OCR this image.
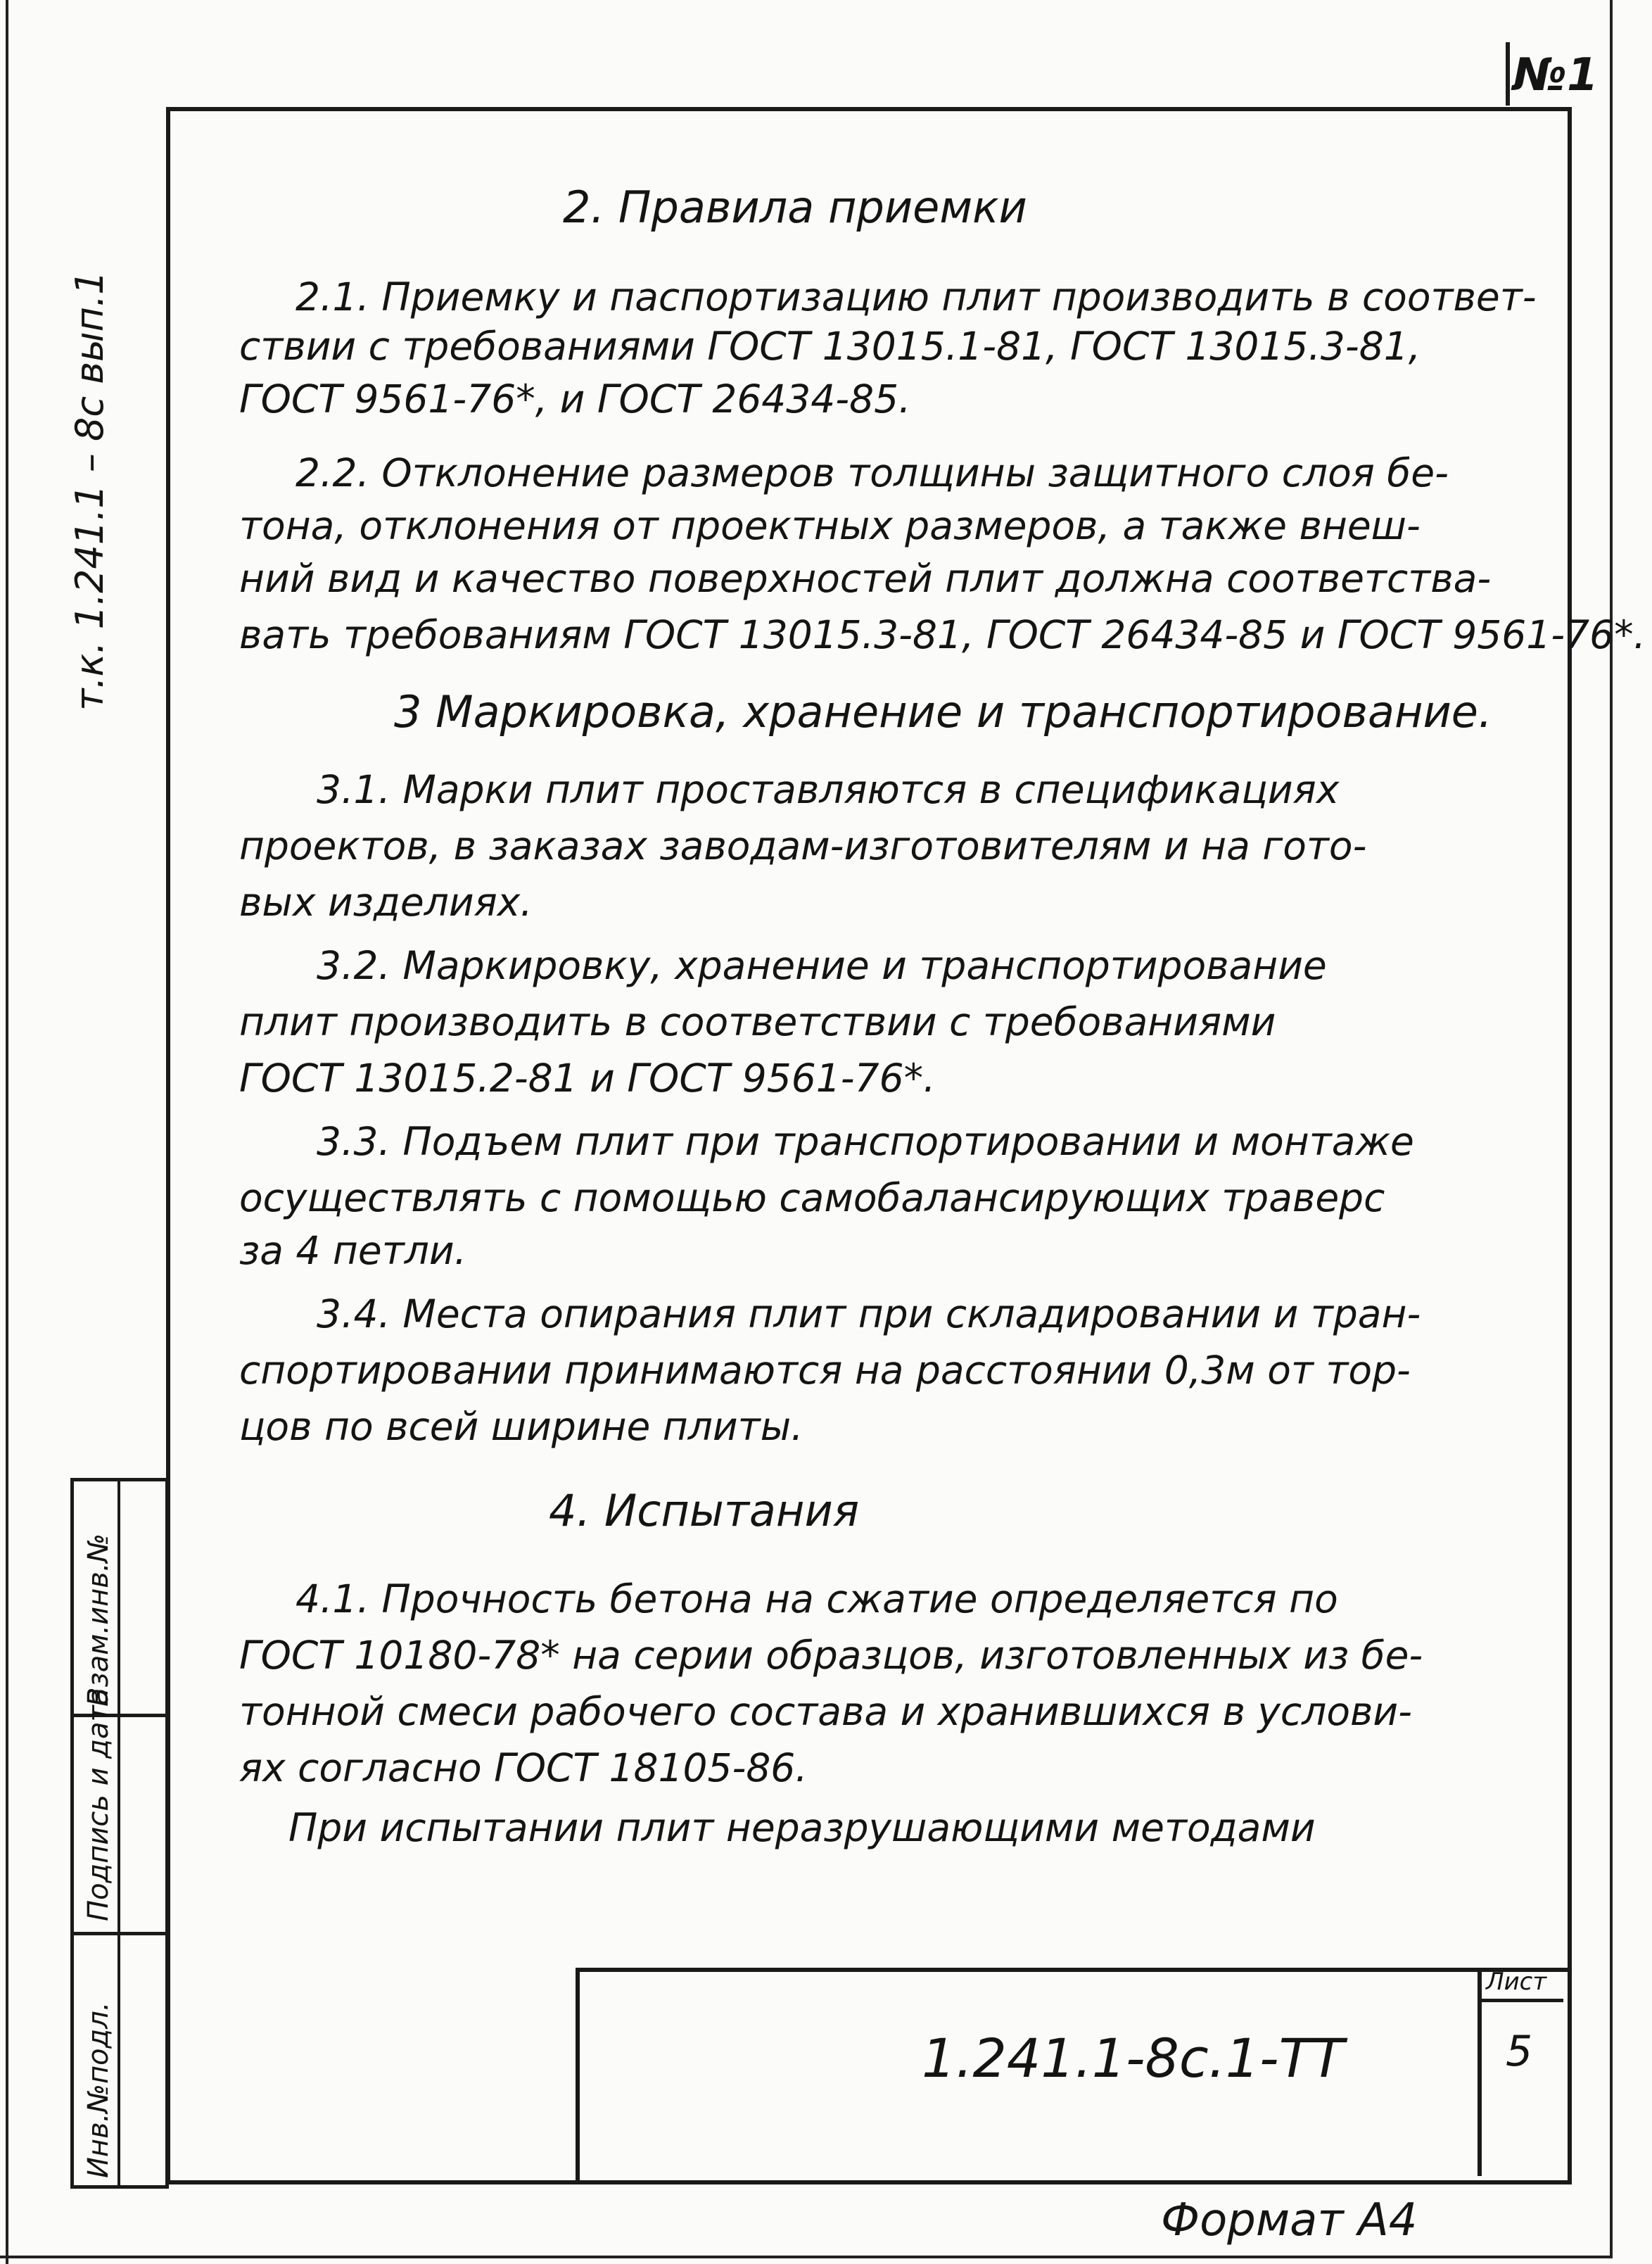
№1
т.к. 1.241.1 – 8с вып.1
Инв.№подл.
Подпись и дата
Взам.инв.№
2. Правила приемки
2.1. Приемку и паспортизацию плит производить в соответ-
ствии с требованиями ГОСТ 13015.1-81, ГОСТ 13015.3-81,
ГОСТ 9561-76*, и ГОСТ 26434-85.
2.2. Отклонение размеров толщины защитного слоя бе-
тона, отклонения от проектных размеров, а также внеш-
ний вид и качество поверхностей плит должна соответства-
вать требованиям ГОСТ 13015.3-81, ГОСТ 26434-85 и ГОСТ 9561-76*.
3 Маркировка, хранение и транспортирование.
3.1. Марки плит проставляются в спецификациях
проектов, в заказах заводам-изготовителям и на гото-
вых изделиях.
3.2. Маркировку, хранение и транспортирование
плит производить в соответствии с требованиями
ГОСТ 13015.2-81 и ГОСТ 9561-76*.
3.3. Подъем плит при транспортировании и монтаже
осуществлять с помощью самобалансирующих траверс
за 4 петли.
3.4. Места опирания плит при складировании и тран-
спортировании принимаются на расстоянии 0,3м от тор-
цов по всей ширине плиты.
4. Испытания
4.1. Прочность бетона на сжатие определяется по
ГОСТ 10180-78* на серии образцов, изготовленных из бе-
тонной смеси рабочего состава и хранившихся в услови-
ях согласно ГОСТ 18105-86.
При испытании плит неразрушающими методами
1.241.1-8с.1-ТТ
Лист
5
Формат А4
